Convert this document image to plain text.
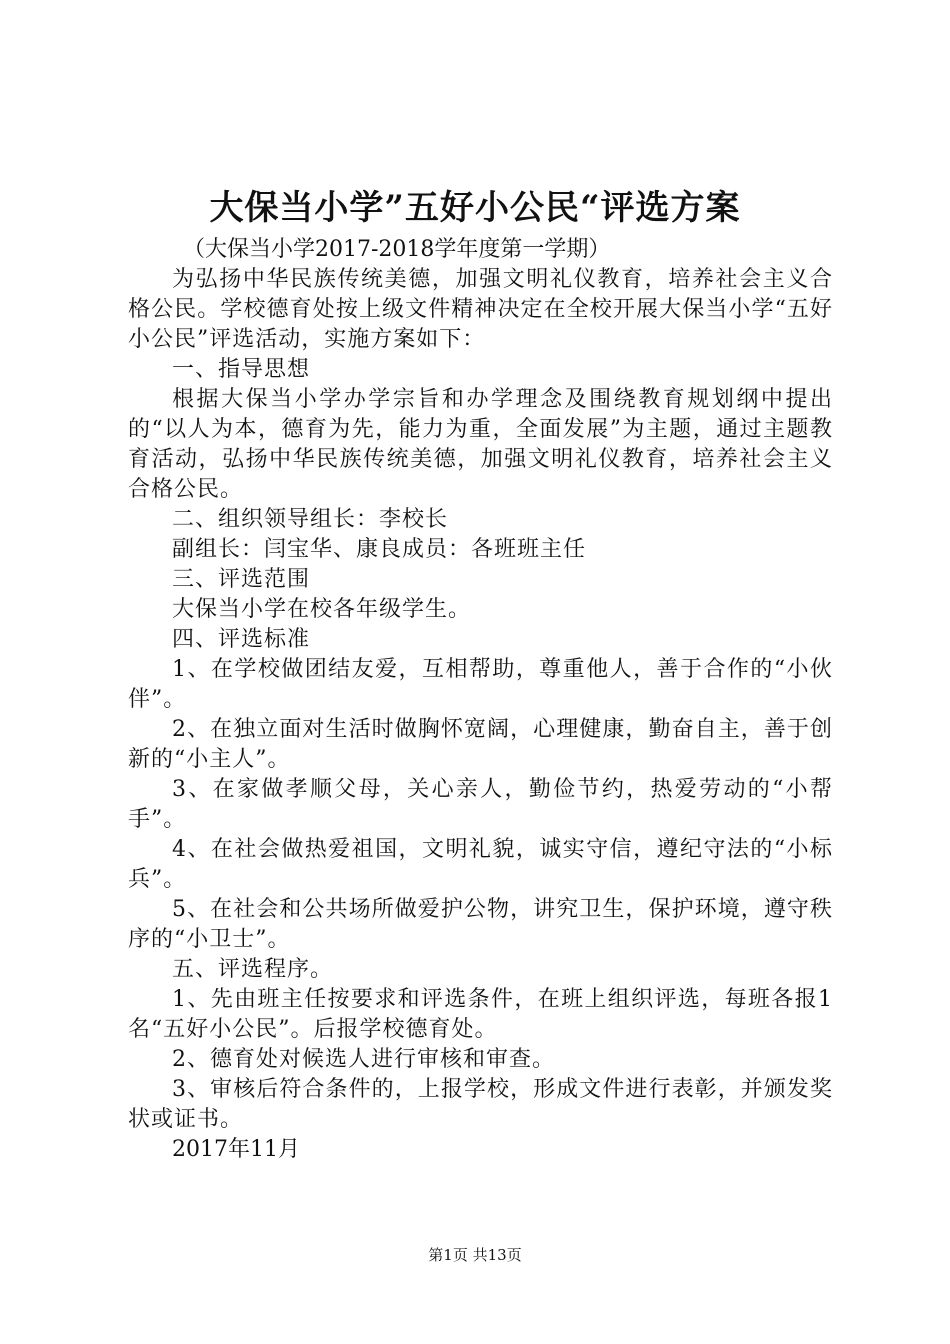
大保当小学”五好小公民“评选方案

（大保当小学2017-2018学年度第一学期）

为弘扬中华民族传统美德，加强文明礼仪教育，培养社会主义合格公民。学校德育处按上级文件精神决定在全校开展大保当小学“五好小公民”评选活动，实施方案如下：

一、指导思想

根据大保当小学办学宗旨和办学理念及围绕教育规划纲中提出的“以人为本，德育为先，能力为重，全面发展”为主题，通过主题教育活动，弘扬中华民族传统美德，加强文明礼仪教育，培养社会主义合格公民。

二、组织领导组长：李校长

副组长：闫宝华、康良成员：各班班主任

三、评选范围

大保当小学在校各年级学生。

四、评选标准

1、在学校做团结友爱，互相帮助，尊重他人，善于合作的“小伙伴”。

2、在独立面对生活时做胸怀宽阔，心理健康，勤奋自主，善于创新的“小主人”。

3、在家做孝顺父母，关心亲人，勤俭节约，热爱劳动的“小帮手”。

4、在社会做热爱祖国，文明礼貌，诚实守信，遵纪守法的“小标兵”。

5、在社会和公共场所做爱护公物，讲究卫生，保护环境，遵守秩序的“小卫士”。

五、评选程序。

1、先由班主任按要求和评选条件，在班上组织评选，每班各报1名“五好小公民”。后报学校德育处。

2、德育处对候选人进行审核和审查。

3、审核后符合条件的，上报学校，形成文件进行表彰，并颁发奖状或证书。

2017年11月

第1页 共13页
